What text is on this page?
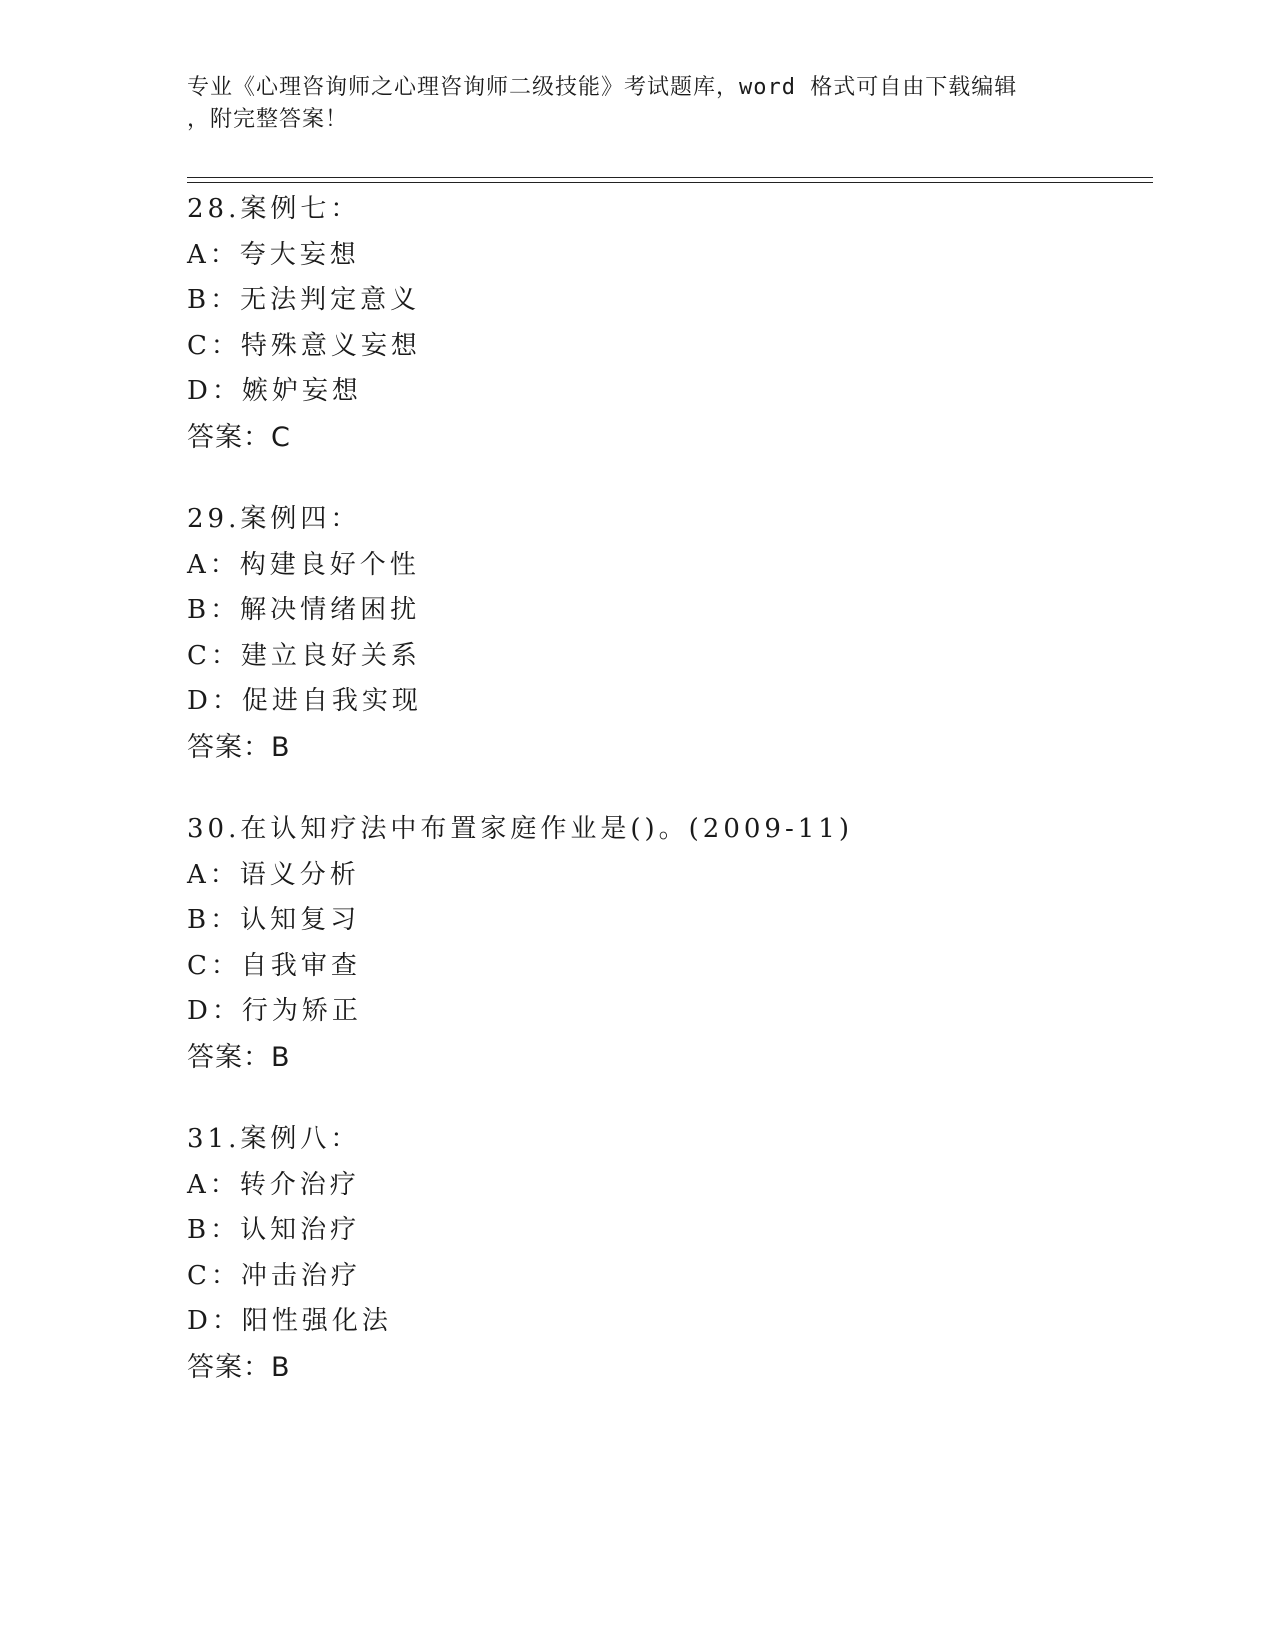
专业《心理咨询师之心理咨询师二级技能》考试题库，word 格式可自由下载编辑
，附完整答案！
28.案例七：
A：夸大妄想
B：无法判定意义
C：特殊意义妄想
D：嫉妒妄想
答案：C
29.案例四：
A：构建良好个性
B：解决情绪困扰
C：建立良好关系
D：促进自我实现
答案：B
30.在认知疗法中布置家庭作业是()。(2009-11)
A：语义分析
B：认知复习
C：自我审查
D：行为矫正
答案：B
31.案例八：
A：转介治疗
B：认知治疗
C：冲击治疗
D：阳性强化法
答案：B
